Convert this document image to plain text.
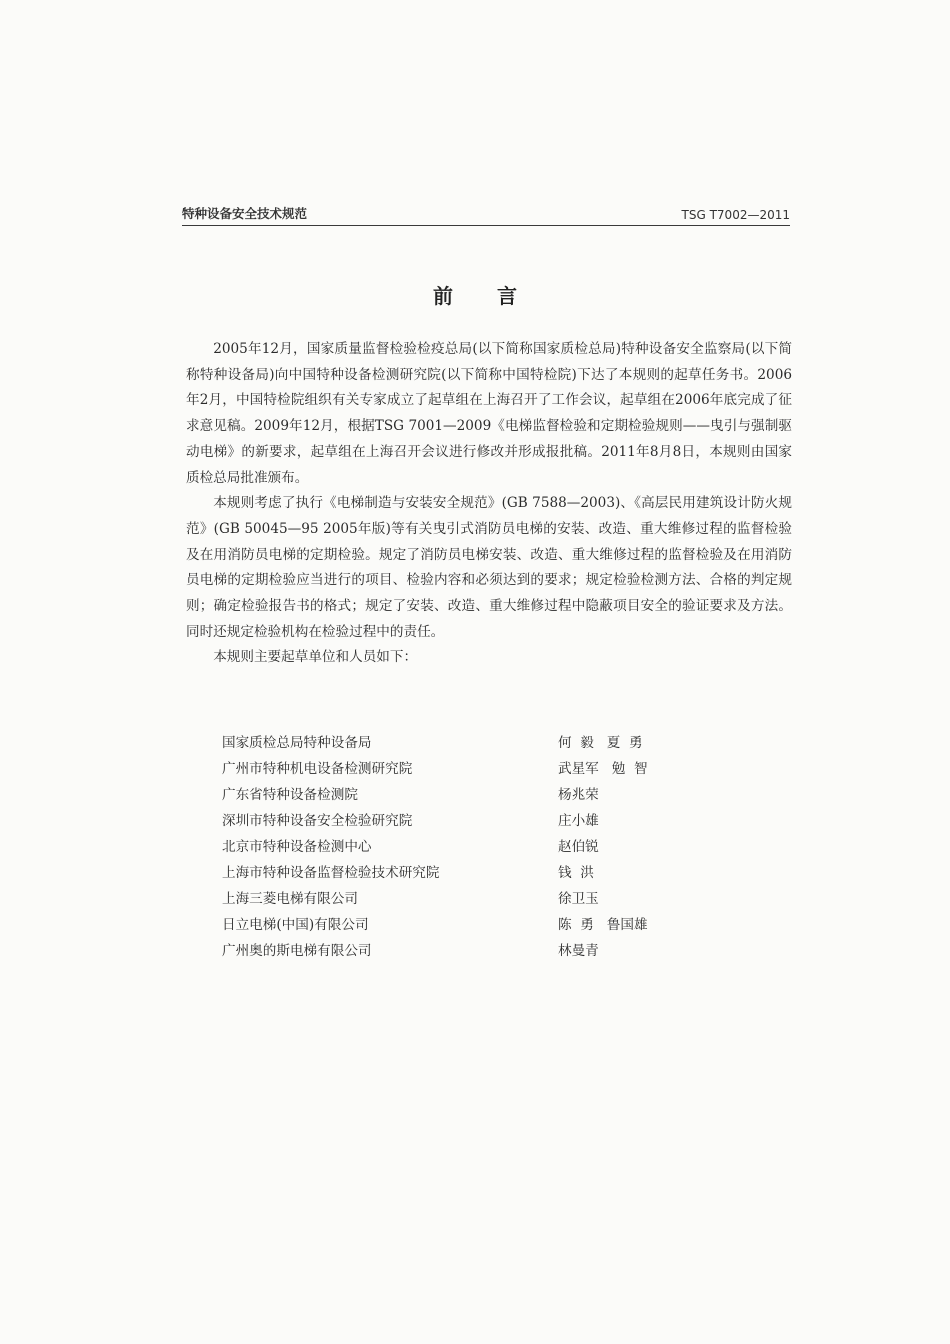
特种设备安全技术规范	TSG T7002—2011
前言

2005年12月，国家质量监督检验检疫总局(以下简称国家质检总局)特种设备安全监察局(以下简称特种设备局)向中国特种设备检测研究院(以下简称中国特检院)下达了本规则的起草任务书。2006年2月，中国特检院组织有关专家成立了起草组在上海召开了工作会议，起草组在2006年底完成了征求意见稿。2009年12月，根据TSG 7001—2009《电梯监督检验和定期检验规则——曳引与强制驱动电梯》的新要求，起草组在上海召开会议进行修改并形成报批稿。2011年8月8日，本规则由国家质检总局批准颁布。

本规则考虑了执行《电梯制造与安装安全规范》(GB 7588—2003)、《高层民用建筑设计防火规范》(GB 50045—95 2005年版)等有关曳引式消防员电梯的安装、改造、重大维修过程的监督检验及在用消防员电梯的定期检验。规定了消防员电梯安装、改造、重大维修过程的监督检验及在用消防员电梯的定期检验应当进行的项目、检验内容和必须达到的要求；规定检验检测方法、合格的判定规则；确定检验报告书的格式；规定了安装、改造、重大维修过程中隐蔽项目安全的验证要求及方法。同时还规定检验机构在检验过程中的责任。

本规则主要起草单位和人员如下：

国家质检总局特种设备局	何  毅   夏  勇
广州市特种机电设备检测研究院	武星军   勉  智
广东省特种设备检测院	杨兆荣
深圳市特种设备安全检验研究院	庄小雄
北京市特种设备检测中心	赵伯锐
上海市特种设备监督检验技术研究院	钱  洪
上海三菱电梯有限公司	徐卫玉
日立电梯(中国)有限公司	陈  勇   鲁国雄
广州奥的斯电梯有限公司	林曼青
